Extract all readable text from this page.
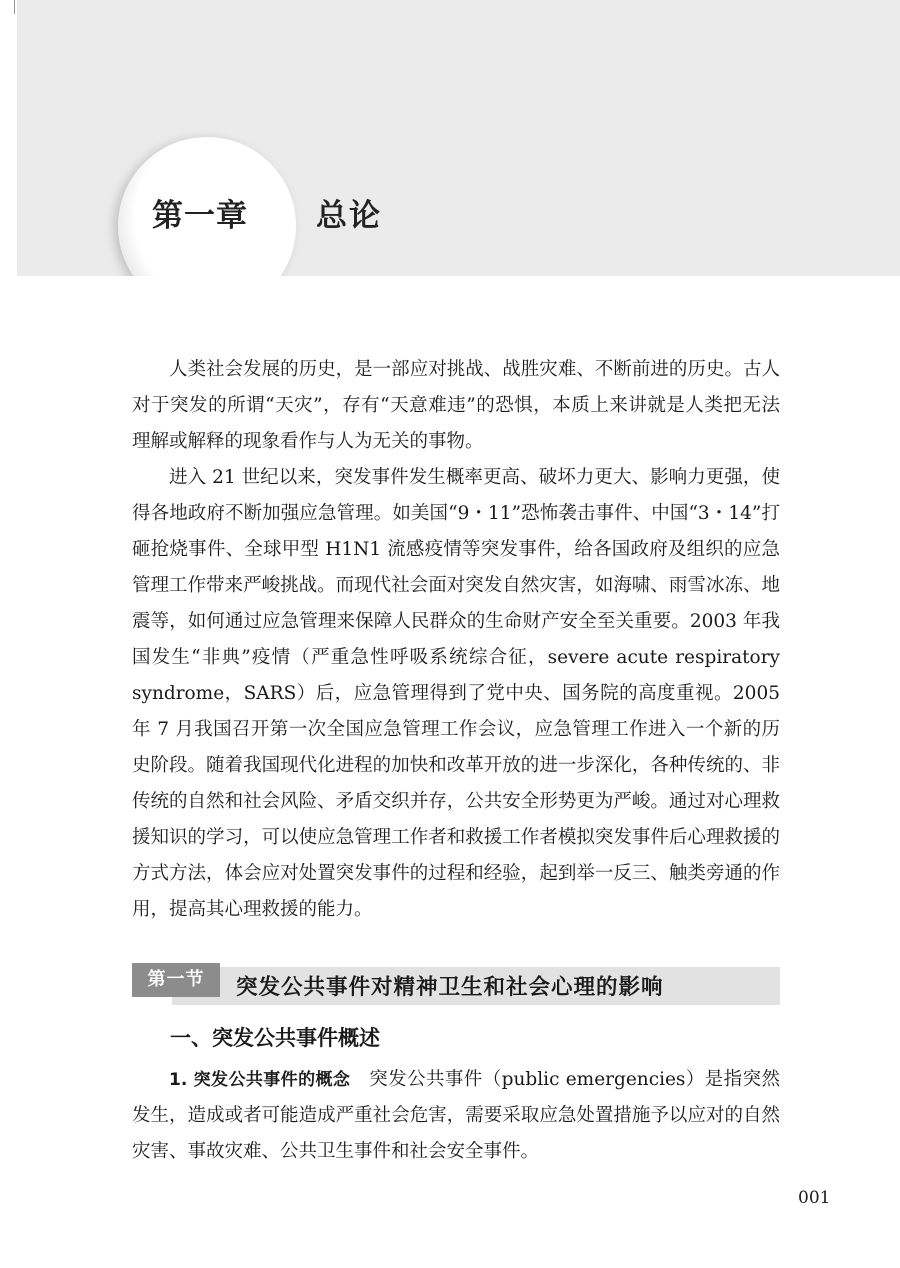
第一章	总论

人类社会发展的历史，是一部应对挑战、战胜灾难、不断前进的历史。古人对于突发的所谓“天灾”，存有“天意难违”的恐惧，本质上来讲就是人类把无法理解或解释的现象看作与人为无关的事物。

进入 21 世纪以来，突发事件发生概率更高、破坏力更大、影响力更强，使得各地政府不断加强应急管理。如美国“9・11”恐怖袭击事件、中国“3・14”打砸抢烧事件、全球甲型 H1N1 流感疫情等突发事件，给各国政府及组织的应急管理工作带来严峻挑战。而现代社会面对突发自然灾害，如海啸、雨雪冰冻、地震等，如何通过应急管理来保障人民群众的生命财产安全至关重要。2003 年我国发生“非典”疫情（严重急性呼吸系统综合征，severe acute respiratory syndrome，SARS）后，应急管理得到了党中央、国务院的高度重视。2005 年 7 月我国召开第一次全国应急管理工作会议，应急管理工作进入一个新的历史阶段。随着我国现代化进程的加快和改革开放的进一步深化，各种传统的、非传统的自然和社会风险、矛盾交织并存，公共安全形势更为严峻。通过对心理救援知识的学习，可以使应急管理工作者和救援工作者模拟突发事件后心理救援的方式方法，体会应对处置突发事件的过程和经验，起到举一反三、触类旁通的作用，提高其心理救援的能力。

第一节	突发公共事件对精神卫生和社会心理的影响
一、突发公共事件概述

1. 突发公共事件的概念　 突发公共事件（public emergencies）是指突然发生，造成或者可能造成严重社会危害，需要采取应急处置措施予以应对的自然灾害、事故灾难、公共卫生事件和社会安全事件。

001
